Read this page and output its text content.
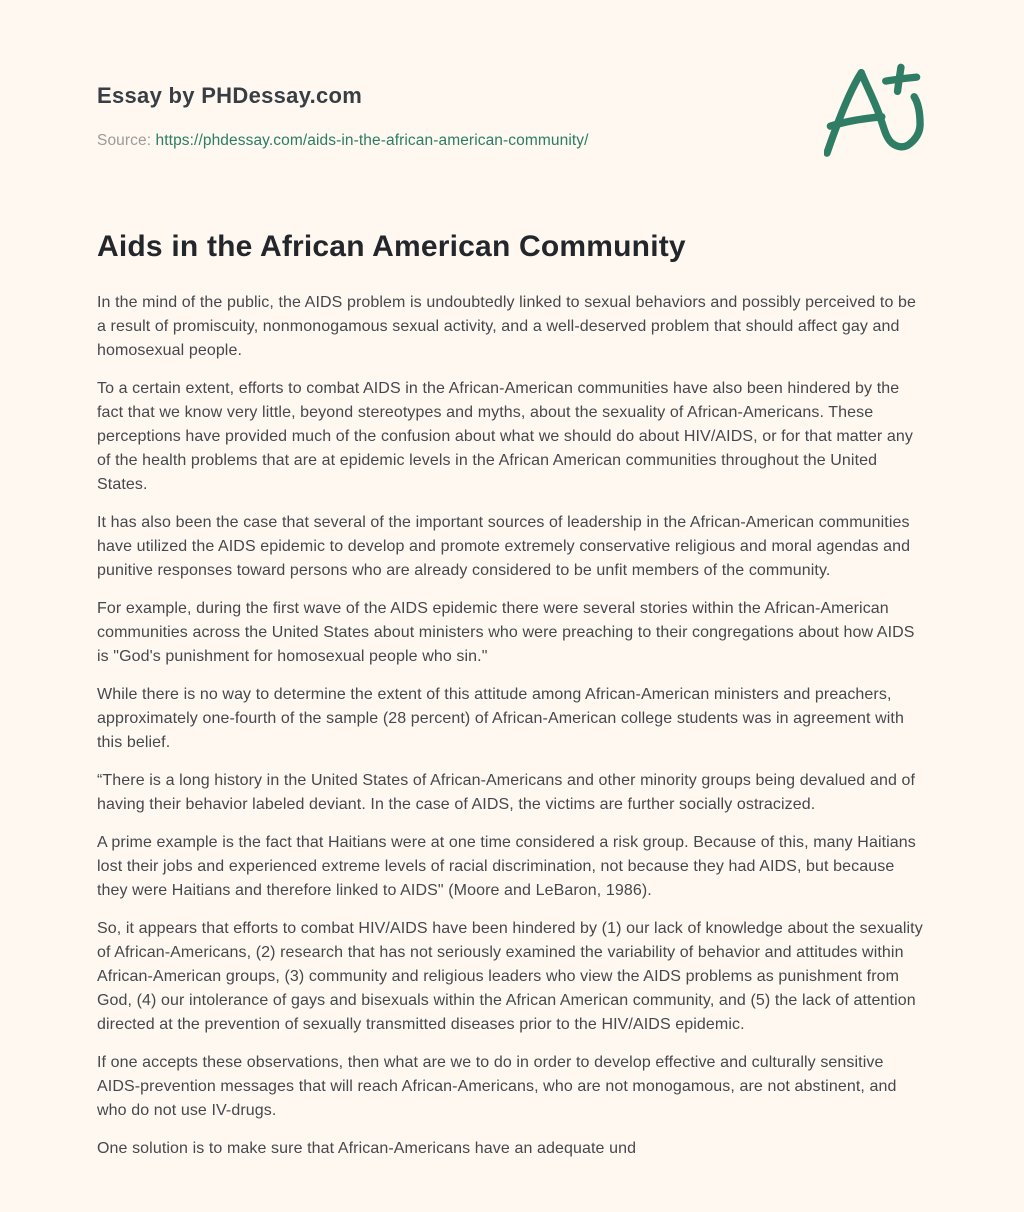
Essay by PHDessay.com
Source: https://phdessay.com/aids-in-the-african-american-community/
Aids in the African American Community

In the mind of the public, the AIDS problem is undoubtedly linked to sexual behaviors and possibly perceived to be a result of promiscuity, nonmonogamous sexual activity, and a well-deserved problem that should affect gay and homosexual people.

To a certain extent, efforts to combat AIDS in the African-American communities have also been hindered by the fact that we know very little, beyond stereotypes and myths, about the sexuality of African-Americans. These perceptions have provided much of the confusion about what we should do about HIV/AIDS, or for that matter any of the health problems that are at epidemic levels in the African American communities throughout the United States.

It has also been the case that several of the important sources of leadership in the African-American communities have utilized the AIDS epidemic to develop and promote extremely conservative religious and moral agendas and punitive responses toward persons who are already considered to be unfit members of the community.

For example, during the first wave of the AIDS epidemic there were several stories within the African-American communities across the United States about ministers who were preaching to their congregations about how AIDS is "God's punishment for homosexual people who sin."

While there is no way to determine the extent of this attitude among African-American ministers and preachers, approximately one-fourth of the sample (28 percent) of African-American college students was in agreement with this belief.

“There is a long history in the United States of African-Americans and other minority groups being devalued and of having their behavior labeled deviant. In the case of AIDS, the victims are further socially ostracized.

A prime example is the fact that Haitians were at one time considered a risk group. Because of this, many Haitians lost their jobs and experienced extreme levels of racial discrimination, not because they had AIDS, but because they were Haitians and therefore linked to AIDS" (Moore and LeBaron, 1986).

So, it appears that efforts to combat HIV/AIDS have been hindered by (1) our lack of knowledge about the sexuality of African-Americans, (2) research that has not seriously examined the variability of behavior and attitudes within African-American groups, (3) community and religious leaders who view the AIDS problems as punishment from God, (4) our intolerance of gays and bisexuals within the African American community, and (5) the lack of attention directed at the prevention of sexually transmitted diseases prior to the HIV/AIDS epidemic.

If one accepts these observations, then what are we to do in order to develop effective and culturally sensitive AIDS-prevention messages that will reach African-Americans, who are not monogamous, are not abstinent, and who do not use IV-drugs.

One solution is to make sure that African-Americans have an adequate und
